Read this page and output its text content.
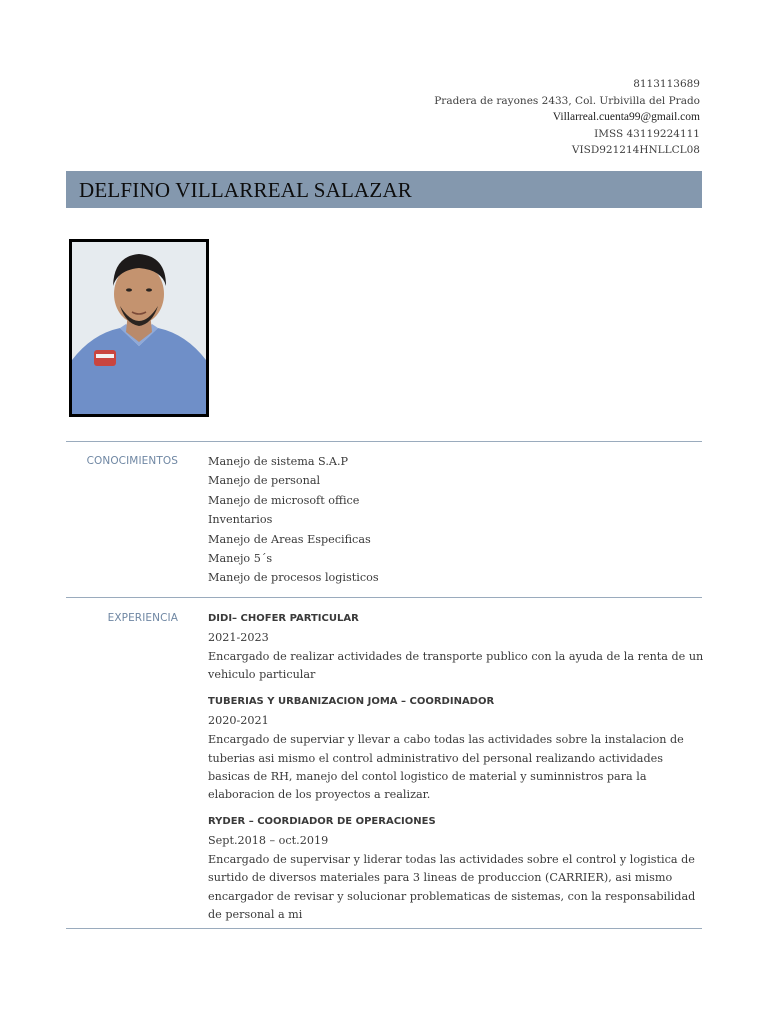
8113113689
Pradera de rayones 2433, Col. Urbivilla del Prado
Villarreal.cuenta99@gmail.com
IMSS 43119224111
VISD921214HNLLCL08
DELFINO VILLARREAL SALAZAR
CONOCIMIENTOS	Manejo de sistema S.A.P
Manejo de personal
Manejo de microsoft office
Inventarios
Manejo de Areas Especificas
Manejo 5´s
Manejo de procesos logisticos
EXPERIENCIA	DIDI– CHOFER PARTICULAR
2021-2023
Encargado de realizar actividades de transporte publico con la ayuda de la renta de un vehiculo particular
TUBERIAS Y URBANIZACION JOMA – COORDINADOR
2020-2021
Encargado de superviar y llevar a cabo todas las actividades sobre la instalacion de tuberias asi mismo el control administrativo del personal realizando actividades basicas de RH, manejo del contol logistico de material y suminnistros para la elaboracion de los proyectos a realizar.
RYDER – COORDIADOR DE OPERACIONES
Sept.2018 – oct.2019
Encargado de supervisar y liderar todas las actividades sobre el control y logistica de surtido de diversos materiales para 3 lineas de produccion (CARRIER), asi mismo encargador de revisar y solucionar problematicas de sistemas, con la responsabilidad de personal a mi
